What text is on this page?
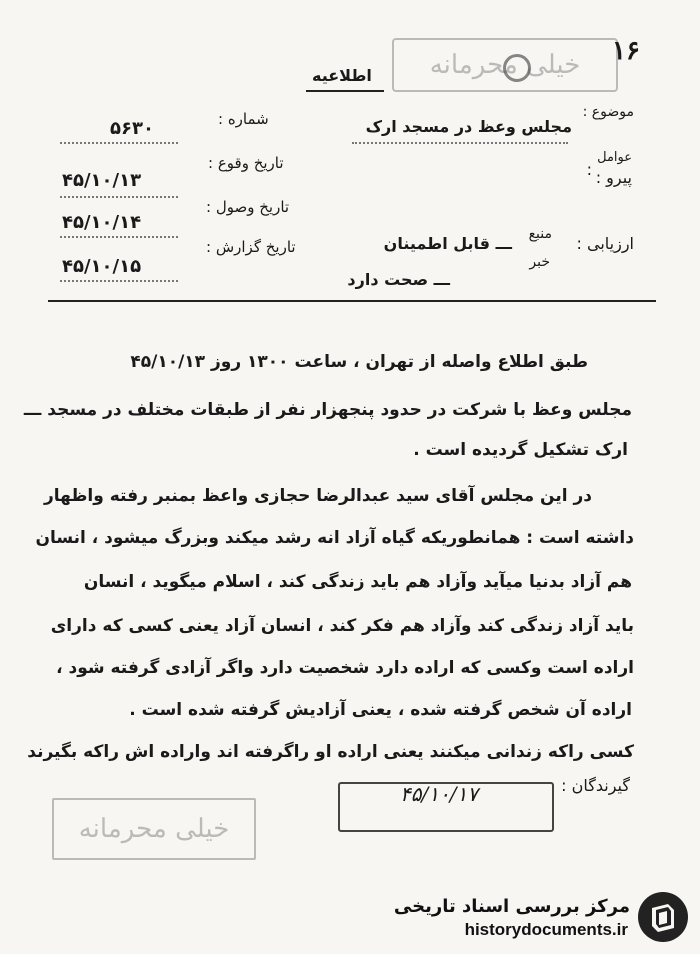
خیلی محرمانه	۱۶
اطلاعیه
موضوع :
مجلس وعظ در مسجد ارک
عوامل
: پیرو :
ارزیابی :
منبع
ـــ قابل اطمینان
خبر
ـــ صحت دارد
شماره :
۵۶۳۰
تاریخ وقوع :
۴۵/۱۰/۱۳
تاریخ وصول :
۴۵/۱۰/۱۴
تاریخ گزارش :
۴۵/۱۰/۱۵
طبق اطلاع واصله از تهران ، ساعت ۱۳۰۰ روز ۴۵/۱۰/۱۳
مجلس وعظ با شرکت در حدود پنجهزار نفر از طبقات مختلف در مسجد ـــ
ارک تشکیل گردیده است .
در این مجلس آقای سید عبدالرضا حجازی واعظ بمنبر رفته واظهار
داشته است : همانطوریکه گیاه آزاد انه رشد میکند وبزرگ میشود ، انسان
هم آزاد بدنیا میآید وآزاد هم باید زندگی کند ، اسلام میگوید ، انسان
باید آزاد زندگی کند وآزاد هم فکر کند ، انسان آزاد یعنی کسی که دارای
اراده است وکسی که اراده دارد شخصیت دارد واگر آزادی گرفته شود ،
اراده آن شخص گرفته شده ، یعنی آزادیش گرفته شده است .
کسی راکه زندانی میکنند یعنی اراده او راگرفته اند واراده اش راکه بگیرند
گیرندگان :
۴۵/۱۰/۱۷
خیلی محرمانه
مرکز بررسی اسناد تاریخی
historydocuments.ir
